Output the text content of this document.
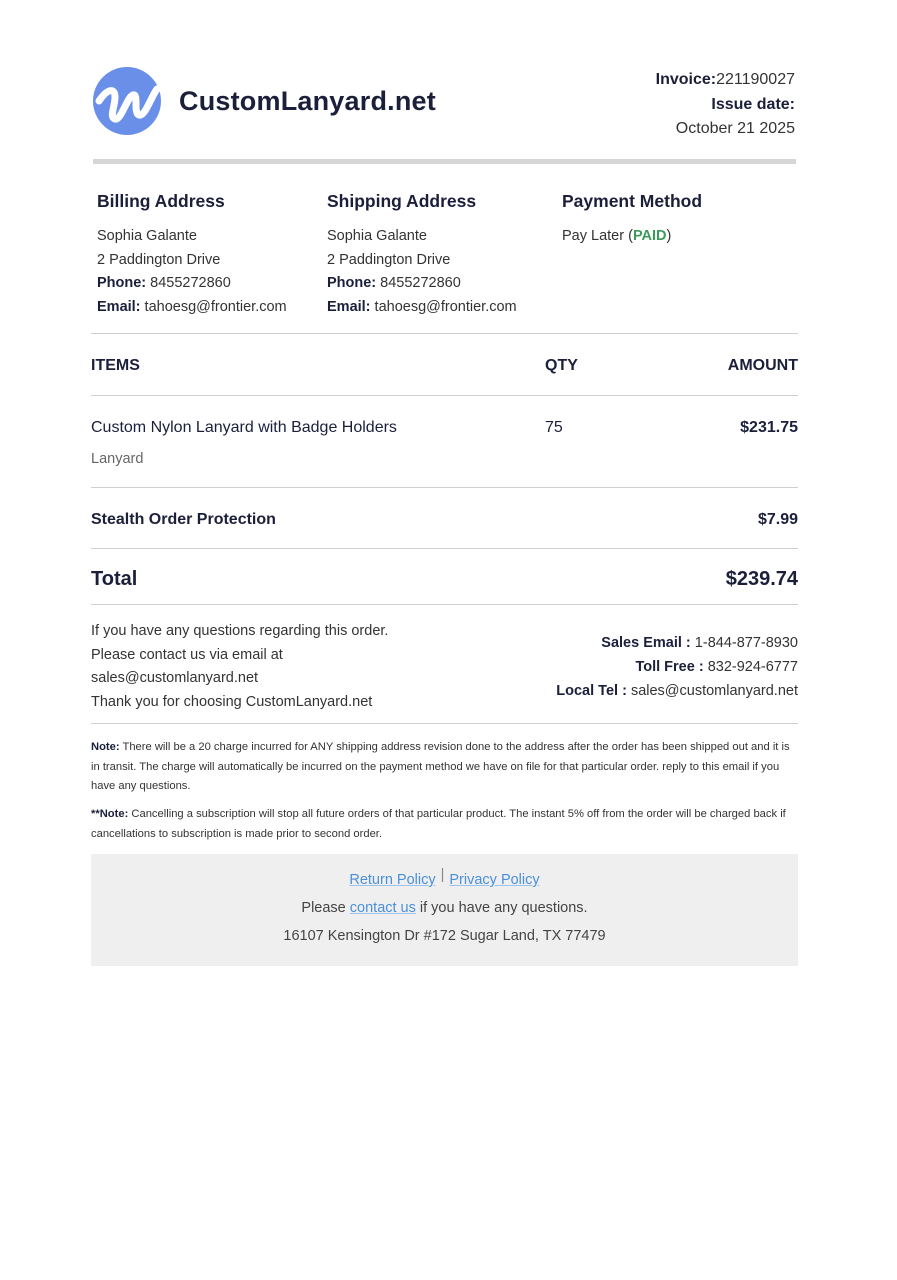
CustomLanyard.net
Invoice:221190027
Issue date:
October 21 2025
Billing Address
Sophia Galante
2 Paddington Drive
Phone: 8455272860
Email: tahoesg@frontier.com
Shipping Address
Sophia Galante
2 Paddington Drive
Phone: 8455272860
Email: tahoesg@frontier.com
Payment Method
Pay Later (PAID)
ITEMS	QTY	AMOUNT
Custom Nylon Lanyard with Badge Holders
Lanyard
75	$231.75
Stealth Order Protection	$7.99
Total	$239.74
If you have any questions regarding this order.
Please contact us via email at
sales@customlanyard.net
Thank you for choosing CustomLanyard.net
Sales Email : 1-844-877-8930
Toll Free : 832-924-6777
Local Tel : sales@customlanyard.net
Note: There will be a 20 charge incurred for ANY shipping address revision done to the address after the order has been shipped out and it is in transit. The charge will automatically be incurred on the payment method we have on file for that particular order. reply to this email if you have any questions.
**Note: Cancelling a subscription will stop all future orders of that particular product. The instant 5% off from the order will be charged back if cancellations to subscription is made prior to second order.
Return Policy | Privacy Policy
Please contact us if you have any questions.
16107 Kensington Dr #172 Sugar Land, TX 77479
